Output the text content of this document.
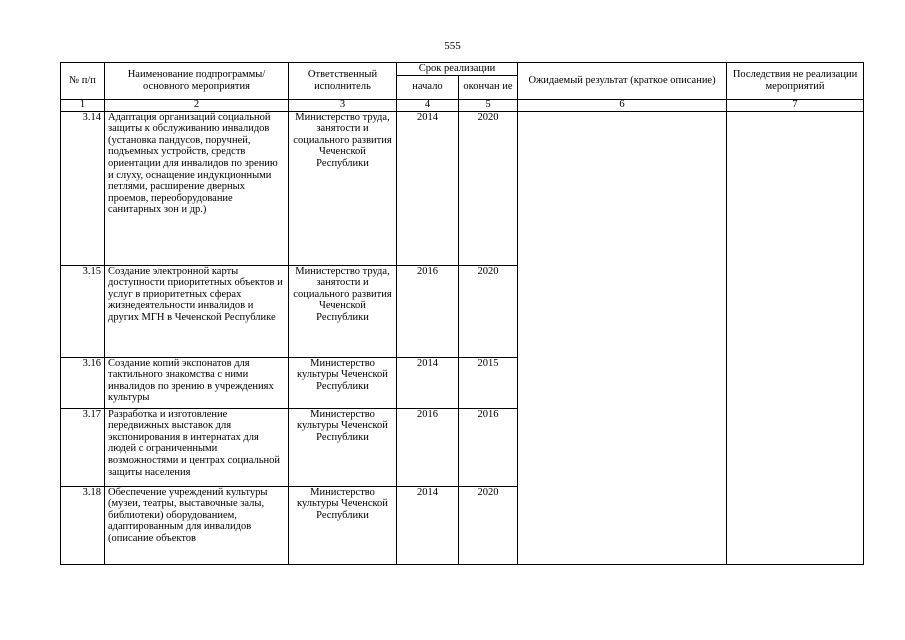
555
№ п/п	Наименование подпрограммы/ основного мероприятия	Ответственный исполнитель	Срок реализации		Ожидаемый результат (краткое описание)	Последствия не реализации мероприятий
			начало	окончан ие		
1	2	3	4	5	6	7
3.14	Адаптация организаций социальной защиты к обслуживанию инвалидов (установка пандусов, поручней, подъемных устройств, средств ориентации для инвалидов по зрению и слуху, оснащение индукционными петлями, расширение дверных проемов, переоборудование санитарных зон и др.)	Министерство труда, занятости и социального развития Чеченской Республики	2014	2020		
3.15	Создание электронной карты доступности приоритетных объектов и услуг в приоритетных сферах жизнедеятельности инвалидов и других МГН в Чеченской Республике	Министерство труда, занятости и социального развития Чеченской Республики	2016	2020		
3.16	Создание копий экспонатов для тактильного знакомства с ними инвалидов по зрению в учреждениях культуры	Министерство культуры Чеченской Республики	2014	2015		
3.17	Разработка и изготовление передвижных выставок для экспонирования в интернатах для людей с ограниченными возможностями и центрах социальной защиты населения	Министерство культуры Чеченской Республики	2016	2016		
3.18	Обеспечение учреждений культуры (музеи, театры, выставочные залы, библиотеки) оборудованием, адаптированным для инвалидов (описание объектов	Министерство культуры Чеченской Республики	2014	2020		
